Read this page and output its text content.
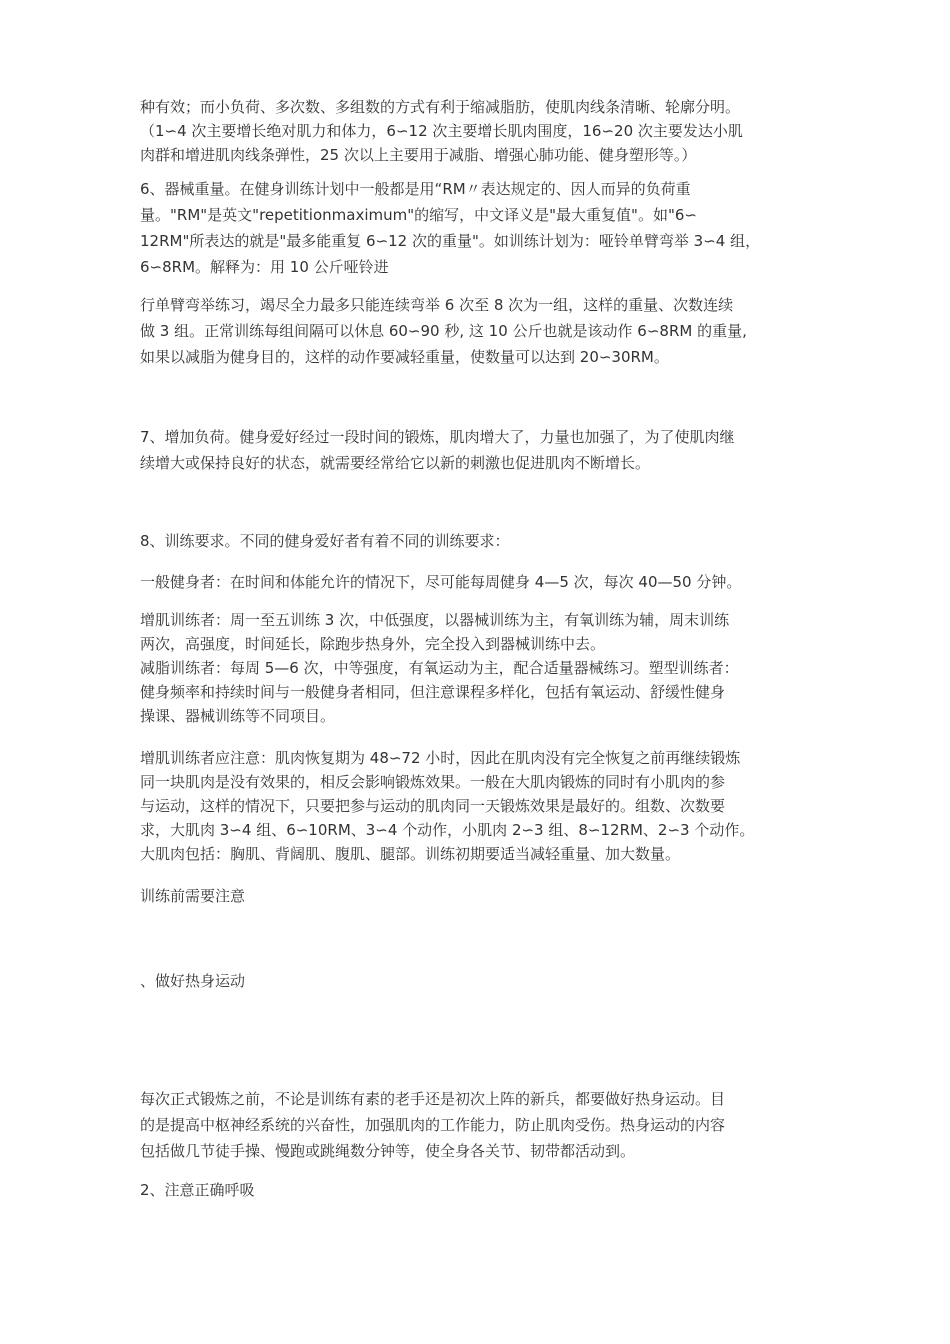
种有效；而小负荷、多次数、多组数的方式有利于缩减脂肪，使肌肉线条清晰、轮廓分明。
（1∽4 次主要增长绝对肌力和体力，6∽12 次主要增长肌肉围度，16∽20 次主要发达小肌
肉群和增进肌肉线条弹性，25 次以上主要用于减脂、增强心肺功能、健身塑形等。）

6、器械重量。在健身训练计划中一般都是用“RM〃表达规定的、因人而异的负荷重
量。"RM"是英文"repetitionmaximum"的缩写，中文译义是"最大重复值"。如"6∽
12RM"所表达的就是"最多能重复 6∽12 次的重量"。如训练计划为：哑铃单臂弯举 3∽4 组，
6∽8RM。解释为：用 10 公斤哑铃进

行单臂弯举练习，竭尽全力最多只能连续弯举 6 次至 8 次为一组，这样的重量、次数连续
做 3 组。正常训练每组间隔可以休息 60∽90 秒, 这 10 公斤也就是该动作 6∽8RM 的重量,
如果以减脂为健身目的，这样的动作要减轻重量，使数量可以达到 20∽30RM。

7、增加负荷。健身爱好经过一段时间的锻炼，肌肉增大了，力量也加强了，为了使肌肉继
续增大或保持良好的状态，就需要经常给它以新的刺激也促进肌肉不断增长。

8、训练要求。不同的健身爱好者有着不同的训练要求：

一般健身者：在时间和体能允许的情况下，尽可能每周健身 4—5 次，每次 40—50 分钟。

增肌训练者：周一至五训练 3 次，中低强度，以器械训练为主，有氧训练为辅，周末训练
两次，高强度，时间延长，除跑步热身外，完全投入到器械训练中去。
减脂训练者：每周 5—6 次，中等强度，有氧运动为主，配合适量器械练习。塑型训练者：
健身频率和持续时间与一般健身者相同，但注意课程多样化，包括有氧运动、舒缓性健身
操课、器械训练等不同项目。

增肌训练者应注意：肌肉恢复期为 48∽72 小时，因此在肌肉没有完全恢复之前再继续锻炼
同一块肌肉是没有效果的，相反会影响锻炼效果。一般在大肌肉锻炼的同时有小肌肉的参
与运动，这样的情况下，只要把参与运动的肌肉同一天锻炼效果是最好的。组数、次数要
求，大肌肉 3∽4 组、6∽10RM、3∽4 个动作，小肌肉 2∽3 组、8∽12RM、2∽3 个动作。
大肌肉包括：胸肌、背阔肌、腹肌、腿部。训练初期要适当减轻重量、加大数量。

训练前需要注意

、做好热身运动

每次正式锻炼之前，不论是训练有素的老手还是初次上阵的新兵，都要做好热身运动。目
的是提高中枢神经系统的兴奋性，加强肌肉的工作能力，防止肌肉受伤。热身运动的内容
包括做几节徒手操、慢跑或跳绳数分钟等，使全身各关节、韧带都活动到。

2、注意正确呼吸
